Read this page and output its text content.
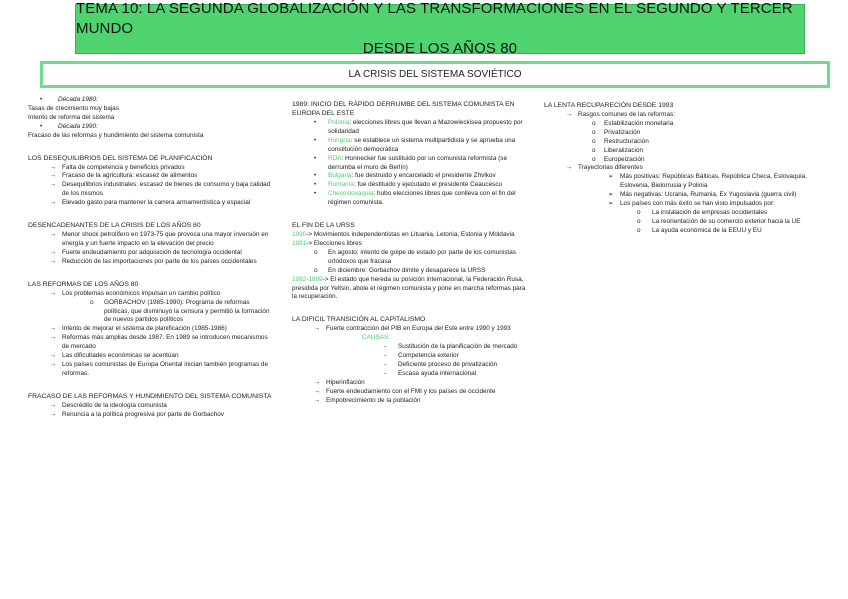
TEMA 10: LA SEGUNDA GLOBALIZACIÓN Y LAS TRANSFORMACIONES EN EL SEGUNDO Y TERCER MUNDO
DESDE LOS AÑOS 80
LA CRISIS DEL SISTEMA SOVIÉTICO
• Década 1980:
Tasas de crecimiento muy bajas
Intento de reforma del sistema
• Década 1990:
Fracaso de las reformas y hundimiento del sistema comunista
LOS DESEQUILIBRIOS DEL SISTEMA DE PLANIFICACIÓN
→ Falta de competencia y beneficios privados
→ Fracaso de la agricultura: escasez de alimentos
→ Desequilibrios industriales: escasez de bienes de consumo y baja calidad de los mismos
→ Elevado gasto para mantener la carrera armamentística y espacial
DESENCADENANTES DE LA CRISIS DE LOS AÑOS 80
→ Menor shock petrolífero en 1973-75 que provoca una mayor inversión en energía y un fuerte impacto en la elevación del precio
→ Fuerte endeudamiento por adquisición de tecnología occidental
→ Reducción de las importaciones por parte de los países occidentales
LAS REFORMAS DE LOS AÑOS 80
→ Los problemas económicos impulsan un cambio político
o GORBACHOV (1985-1990): Programa de reformas políticas, que disminuyó la censura y permitió la formación de nuevos partidos políticos
→ Intento de mejorar el sistema de planificación (1985-1986)
→ Reformas más amplias desde 1987. En 1989 se introducen mecanismos de mercado
→ Las dificultades económicas se acentúan
→ Los países comunistas de Europa Oriental inician también programas de reformas.
FRACASO DE LAS REFORMAS Y HUNDIMIENTO DEL SISTEMA COMUNISTA
→ Descrédito de la ideología comunista
→ Renuncia a la política progresiva por parte de Gorbachov
1989: INICIO DEL RÁPIDO DERRUMBE DEL SISTEMA COMUNISTA EN EUROPA DEL ESTE
• Polonia: elecciones libres que llevan a Mazowieckisea propuesto por solidaridad
• Hungría: se establece un sistema multipartidista y se aprueba una constitución democrática
• RDA: Honnecker fue sustituido por un comunista reformista (se derrumba el muro de Berlín)
• Bulgaria: fue destruido y encarcelado el presidente Zhvlkov
• Rumanía: fue destituido y ejecutado el presidente Ceaucescu
• Checoslovaquia: hubo elecciones libres que conlleva con el fin del régimen comunista.
EL FIN DE LA URSS
1990-> Movimientos independentistas en Lituania, Letonia, Estonia y Moldavia
1991-> Elecciones libres
o En agosto: intento de golpe de estado por parte de los comunistas ortodoxos que fracasa
o En diciembre: Gorbachov dimite y desaparece la URSS
1992-1999-> El estado que hereda su posición internacional, la Federación Rusa, presidida por Yeltsin, abole el régimen comunista y pone en marcha reformas para la recuperación.
LA DIFICIL TRANSICIÓN AL CAPITALISMO
→ Fuerte contracción del PIB en Europa del Este entre 1990 y 1993
CAUSAS:
- Sustitución de la planificación de mercado
- Competencia exterior
- Deficiente proceso de privatización
- Escasa ayuda internacional
→ Hiperinflación
→ Fuerte endeudamiento con el FMI y los países de occidente
→ Empobrecimiento de la población
LA LENTA RECUPARECIÓN DESDE 1993
→ Rasgos comunes de las reformas:
o Estabilización monetaria
o Privatización
o Restructuración
o Liberalización
o Europeización
→ Trayectorias diferentes
➢ Más positivas: Repúblicas Bálticas, República Checa, Eslovaquia, Eslovenia, Bielorrusia y Polinia
➢ Más negativas: Ucrania, Rumania, Ex Yugoslavia (guerra civil)
➢ Los países con más éxito se han visto impulsados por:
o La instalación de empresas occidentales
o La reorientación de su comercio exterior hacia la UE
o La ayuda económica de la EEUU y EU
